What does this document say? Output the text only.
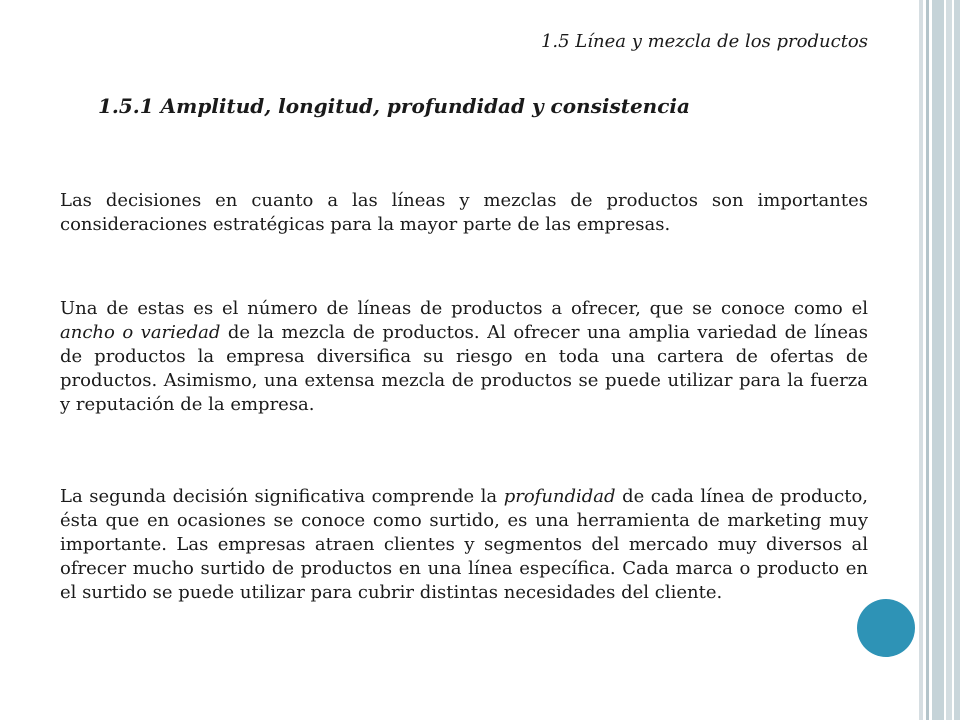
1.5 Línea y mezcla de los productos
1.5.1 Amplitud, longitud, profundidad y consistencia

Las decisiones en cuanto a las líneas y mezclas de productos son importantes consideraciones estratégicas para la mayor parte de las empresas.

Una de estas es el número de líneas de productos a ofrecer, que se conoce como el ancho o variedad de la mezcla de productos. Al ofrecer una amplia variedad de líneas de productos la empresa diversifica su riesgo en toda una cartera de ofertas de productos. Asimismo, una extensa mezcla de productos se puede utilizar para la fuerza y reputación de la empresa.

La segunda decisión significativa comprende la profundidad de cada línea de producto, ésta que en ocasiones se conoce como surtido, es una herramienta de marketing muy importante. Las empresas atraen clientes y segmentos del mercado muy diversos al ofrecer mucho surtido de productos en una línea específica. Cada marca o producto en el surtido se puede utilizar para cubrir distintas necesidades del cliente.
